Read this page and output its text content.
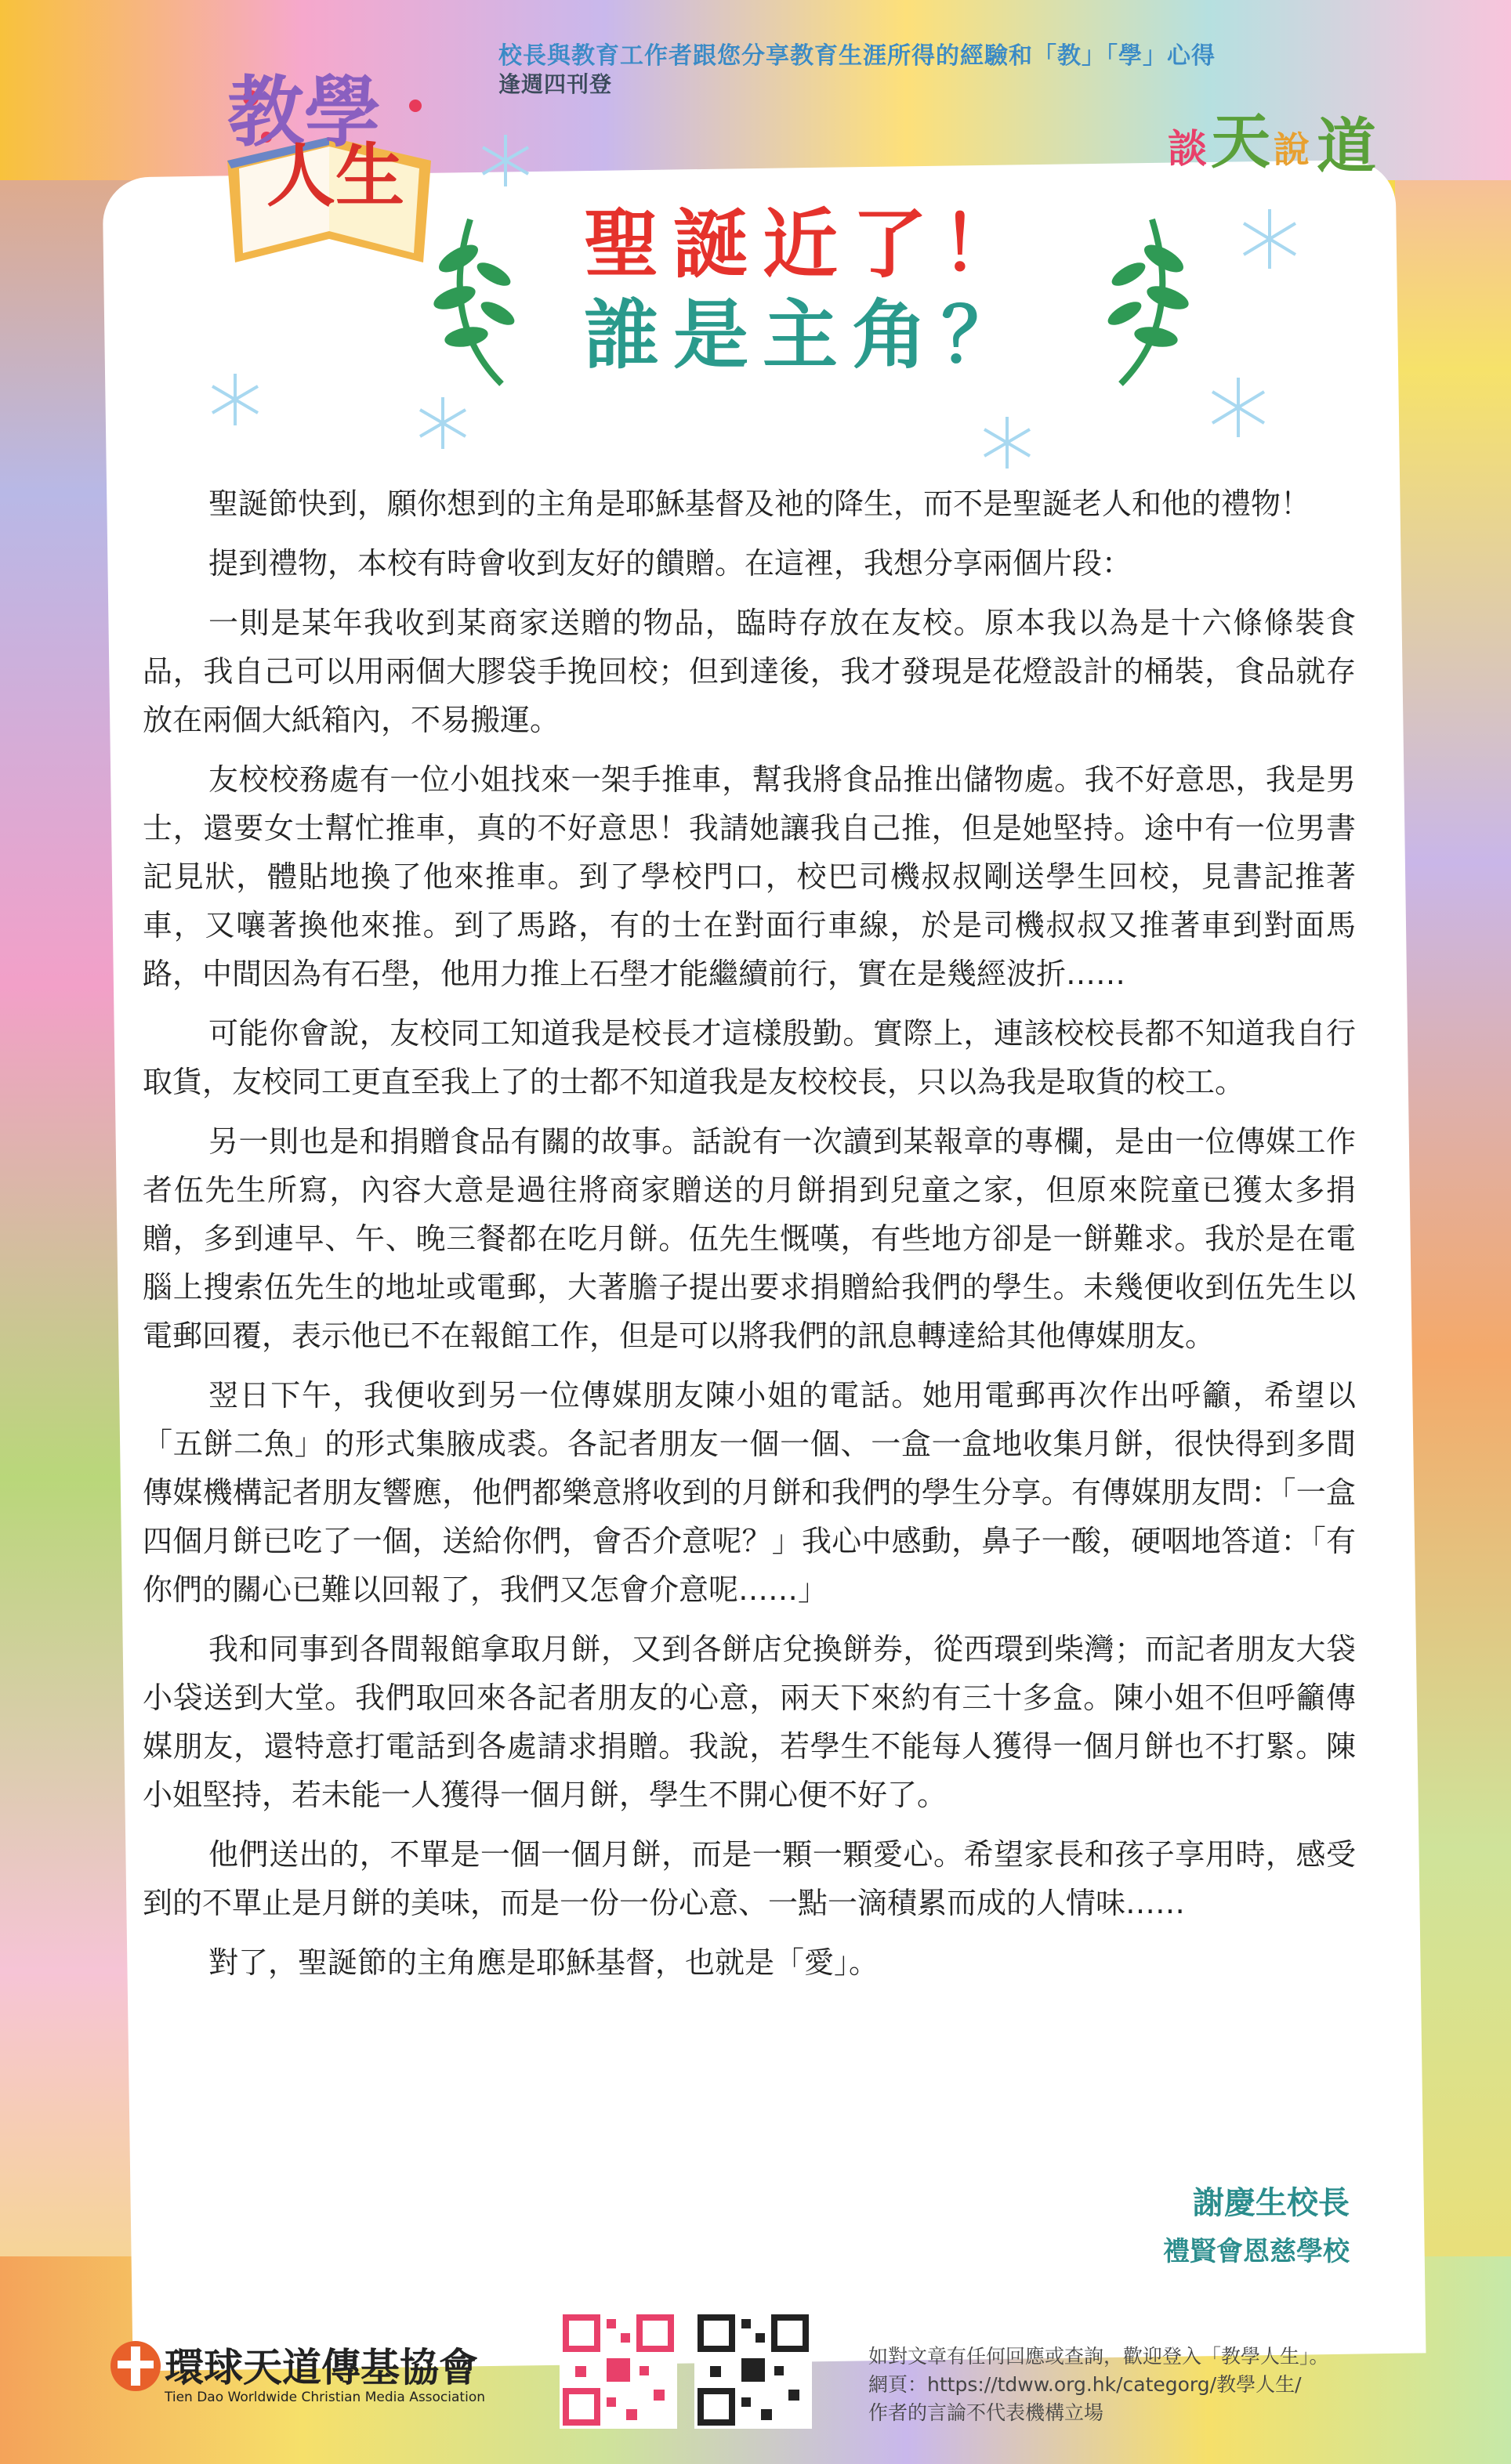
校長與教育工作者跟您分享教育生涯所得的經驗和「教」「學」心得
逢週四刊登
教學
人生	談 天 說 道
聖誕近了！
誰是主角？

聖誕節快到，願你想到的主角是耶穌基督及祂的降生，而不是聖誕老人和他的禮物！

提到禮物，本校有時會收到友好的饋贈。在這裡，我想分享兩個片段：

一則是某年我收到某商家送贈的物品，臨時存放在友校。原本我以為是十六條條裝食品，我自己可以用兩個大膠袋手挽回校；但到達後，我才發現是花燈設計的桶裝，食品就存放在兩個大紙箱內，不易搬運。

友校校務處有一位小姐找來一架手推車，幫我將食品推出儲物處。我不好意思，我是男士，還要女士幫忙推車，真的不好意思！我請她讓我自己推，但是她堅持。途中有一位男書記見狀，體貼地換了他來推車。到了學校門口，校巴司機叔叔剛送學生回校，見書記推著車，又嚷著換他來推。到了馬路，有的士在對面行車線，於是司機叔叔又推著車到對面馬路，中間因為有石壆，他用力推上石壆才能繼續前行，實在是幾經波折……

可能你會說，友校同工知道我是校長才這樣殷勤。實際上，連該校校長都不知道我自行取貨，友校同工更直至我上了的士都不知道我是友校校長，只以為我是取貨的校工。

另一則也是和捐贈食品有關的故事。話說有一次讀到某報章的專欄，是由一位傳媒工作者伍先生所寫，內容大意是過往將商家贈送的月餅捐到兒童之家，但原來院童已獲太多捐贈，多到連早、午、晚三餐都在吃月餅。伍先生慨嘆，有些地方卻是一餅難求。我於是在電腦上搜索伍先生的地址或電郵，大著膽子提出要求捐贈給我們的學生。未幾便收到伍先生以電郵回覆，表示他已不在報館工作，但是可以將我們的訊息轉達給其他傳媒朋友。

翌日下午，我便收到另一位傳媒朋友陳小姐的電話。她用電郵再次作出呼籲，希望以「五餅二魚」的形式集腋成裘。各記者朋友一個一個、一盒一盒地收集月餅，很快得到多間傳媒機構記者朋友響應，他們都樂意將收到的月餅和我們的學生分享。有傳媒朋友問：「一盒四個月餅已吃了一個，送給你們，會否介意呢？」我心中感動，鼻子一酸，硬咽地答道：「有你們的關心已難以回報了，我們又怎會介意呢……」

我和同事到各間報館拿取月餅，又到各餅店兌換餅券，從西環到柴灣；而記者朋友大袋小袋送到大堂。我們取回來各記者朋友的心意，兩天下來約有三十多盒。陳小姐不但呼籲傳媒朋友，還特意打電話到各處請求捐贈。我說，若學生不能每人獲得一個月餅也不打緊。陳小姐堅持，若未能一人獲得一個月餅，學生不開心便不好了。

他們送出的，不單是一個一個月餅，而是一顆一顆愛心。希望家長和孩子享用時，感受到的不單止是月餅的美味，而是一份一份心意、一點一滴積累而成的人情味……

對了，聖誕節的主角應是耶穌基督，也就是「愛」。

謝慶生校長
禮賢會恩慈學校
環球天道傳基協會
Tien Dao Worldwide Christian Media Association
如對文章有任何回應或查詢，歡迎登入「教學人生」。
網頁：https://tdww.org.hk/categorg/教學人生/
作者的言論不代表機構立場
